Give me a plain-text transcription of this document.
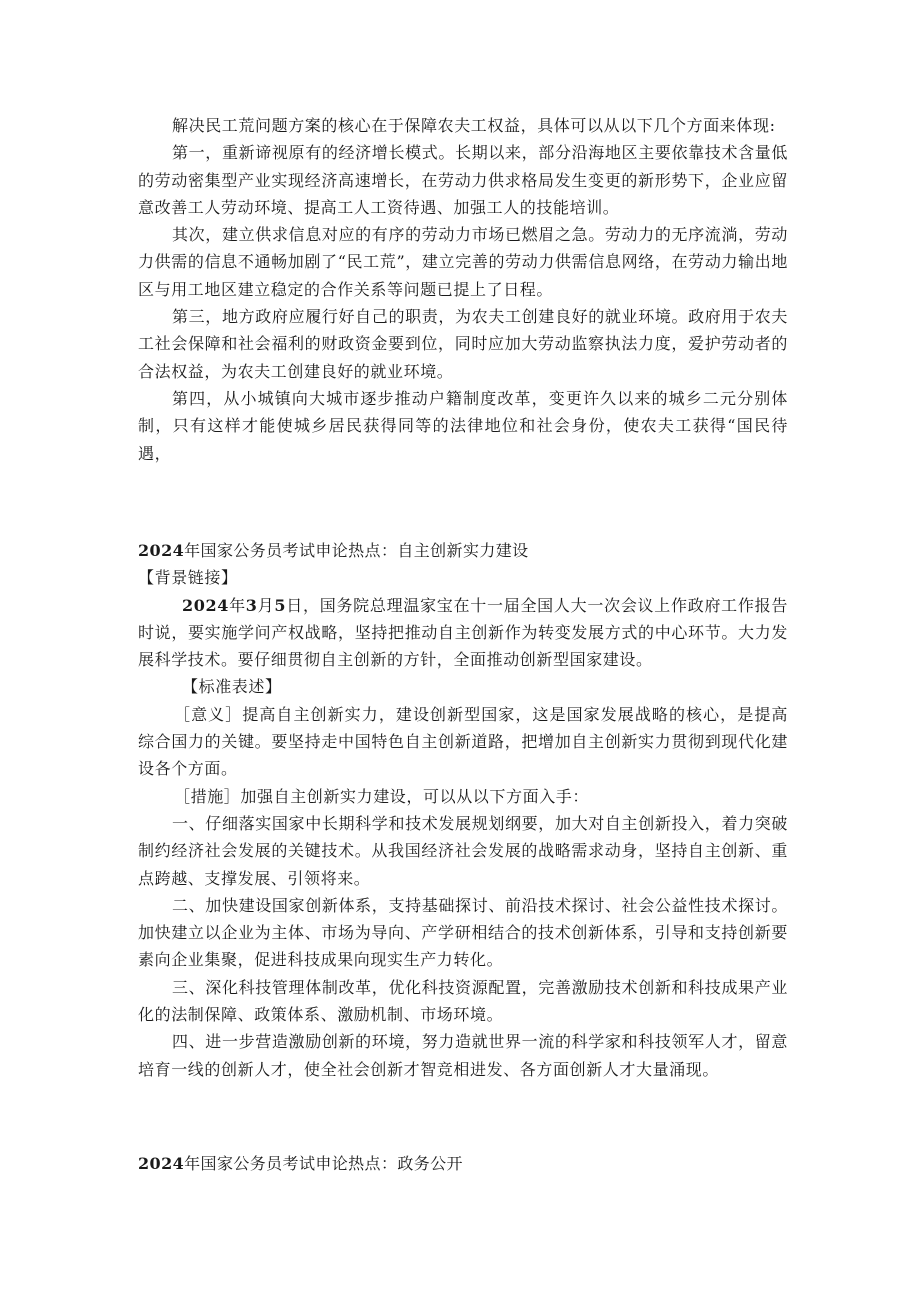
解决民工荒问题方案的核心在于保障农夫工权益，具体可以从以下几个方面来体现:

第一，重新谛视原有的经济增长模式。长期以来，部分沿海地区主要依靠技术含量低的劳动密集型产业实现经济高速增长，在劳动力供求格局发生变更的新形势下，企业应留意改善工人劳动环境、提高工人工资待遇、加强工人的技能培训。

其次，建立供求信息对应的有序的劳动力市场已燃眉之急。劳动力的无序流淌，劳动力供需的信息不通畅加剧了“民工荒”，建立完善的劳动力供需信息网络，在劳动力输出地区与用工地区建立稳定的合作关系等问题已提上了日程。

第三，地方政府应履行好自己的职责，为农夫工创建良好的就业环境。政府用于农夫工社会保障和社会福利的财政资金要到位，同时应加大劳动监察执法力度，爱护劳动者的合法权益，为农夫工创建良好的就业环境。

第四，从小城镇向大城市逐步推动户籍制度改革，变更许久以来的城乡二元分别体制，只有这样才能使城乡居民获得同等的法律地位和社会身份，使农夫工获得“国民待遇，

2024年国家公务员考试申论热点：自主创新实力建设

【背景链接】

2024年3月5日，国务院总理温家宝在十一届全国人大一次会议上作政府工作报告时说，要实施学问产权战略，坚持把推动自主创新作为转变发展方式的中心环节。大力发展科学技术。要仔细贯彻自主创新的方针，全面推动创新型国家建设。

【标准表述】

［意义］提高自主创新实力，建设创新型国家，这是国家发展战略的核心，是提高综合国力的关键。要坚持走中国特色自主创新道路，把增加自主创新实力贯彻到现代化建设各个方面。

［措施］加强自主创新实力建设，可以从以下方面入手：

一、仔细落实国家中长期科学和技术发展规划纲要，加大对自主创新投入，着力突破制约经济社会发展的关键技术。从我国经济社会发展的战略需求动身，坚持自主创新、重点跨越、支撑发展、引领将来。

二、加快建设国家创新体系，支持基础探讨、前沿技术探讨、社会公益性技术探讨。加快建立以企业为主体、市场为导向、产学研相结合的技术创新体系，引导和支持创新要素向企业集聚，促进科技成果向现实生产力转化。

三、深化科技管理体制改革，优化科技资源配置，完善激励技术创新和科技成果产业化的法制保障、政策体系、激励机制、市场环境。

四、进一步营造激励创新的环境，努力造就世界一流的科学家和科技领军人才，留意培育一线的创新人才，使全社会创新才智竞相进发、各方面创新人才大量涌现。

2024年国家公务员考试申论热点：政务公开
